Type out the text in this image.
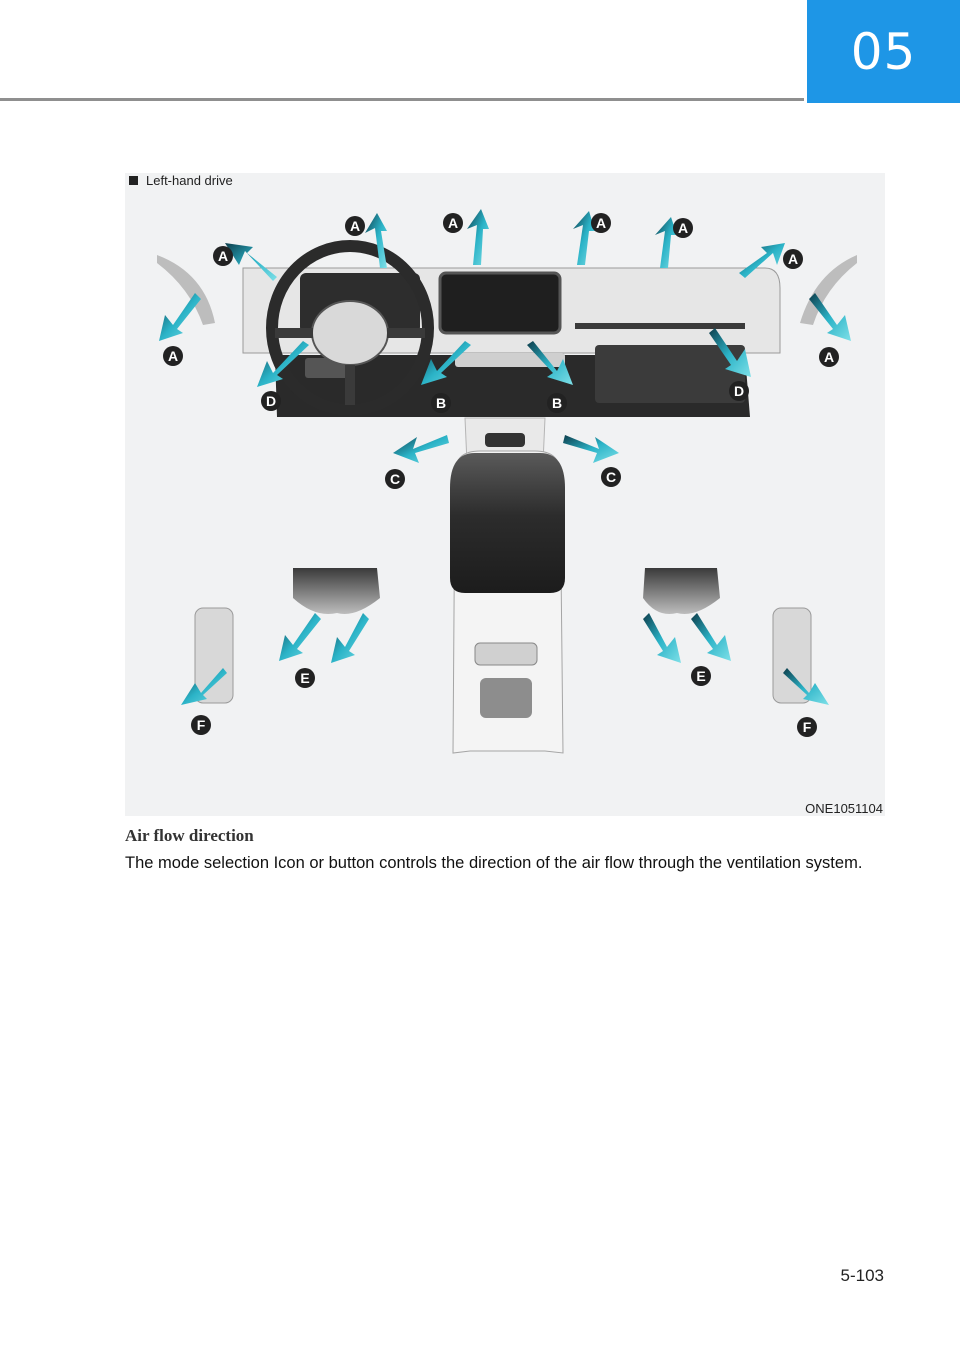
05
A
A	A	A	A
A
A	A
D	B	B
D
C	C
E	E
F	F
Left-hand drive
ONE1051104
Air flow direction
The mode selection Icon or button controls the direction of the air flow through the ventilation system.
5-103
